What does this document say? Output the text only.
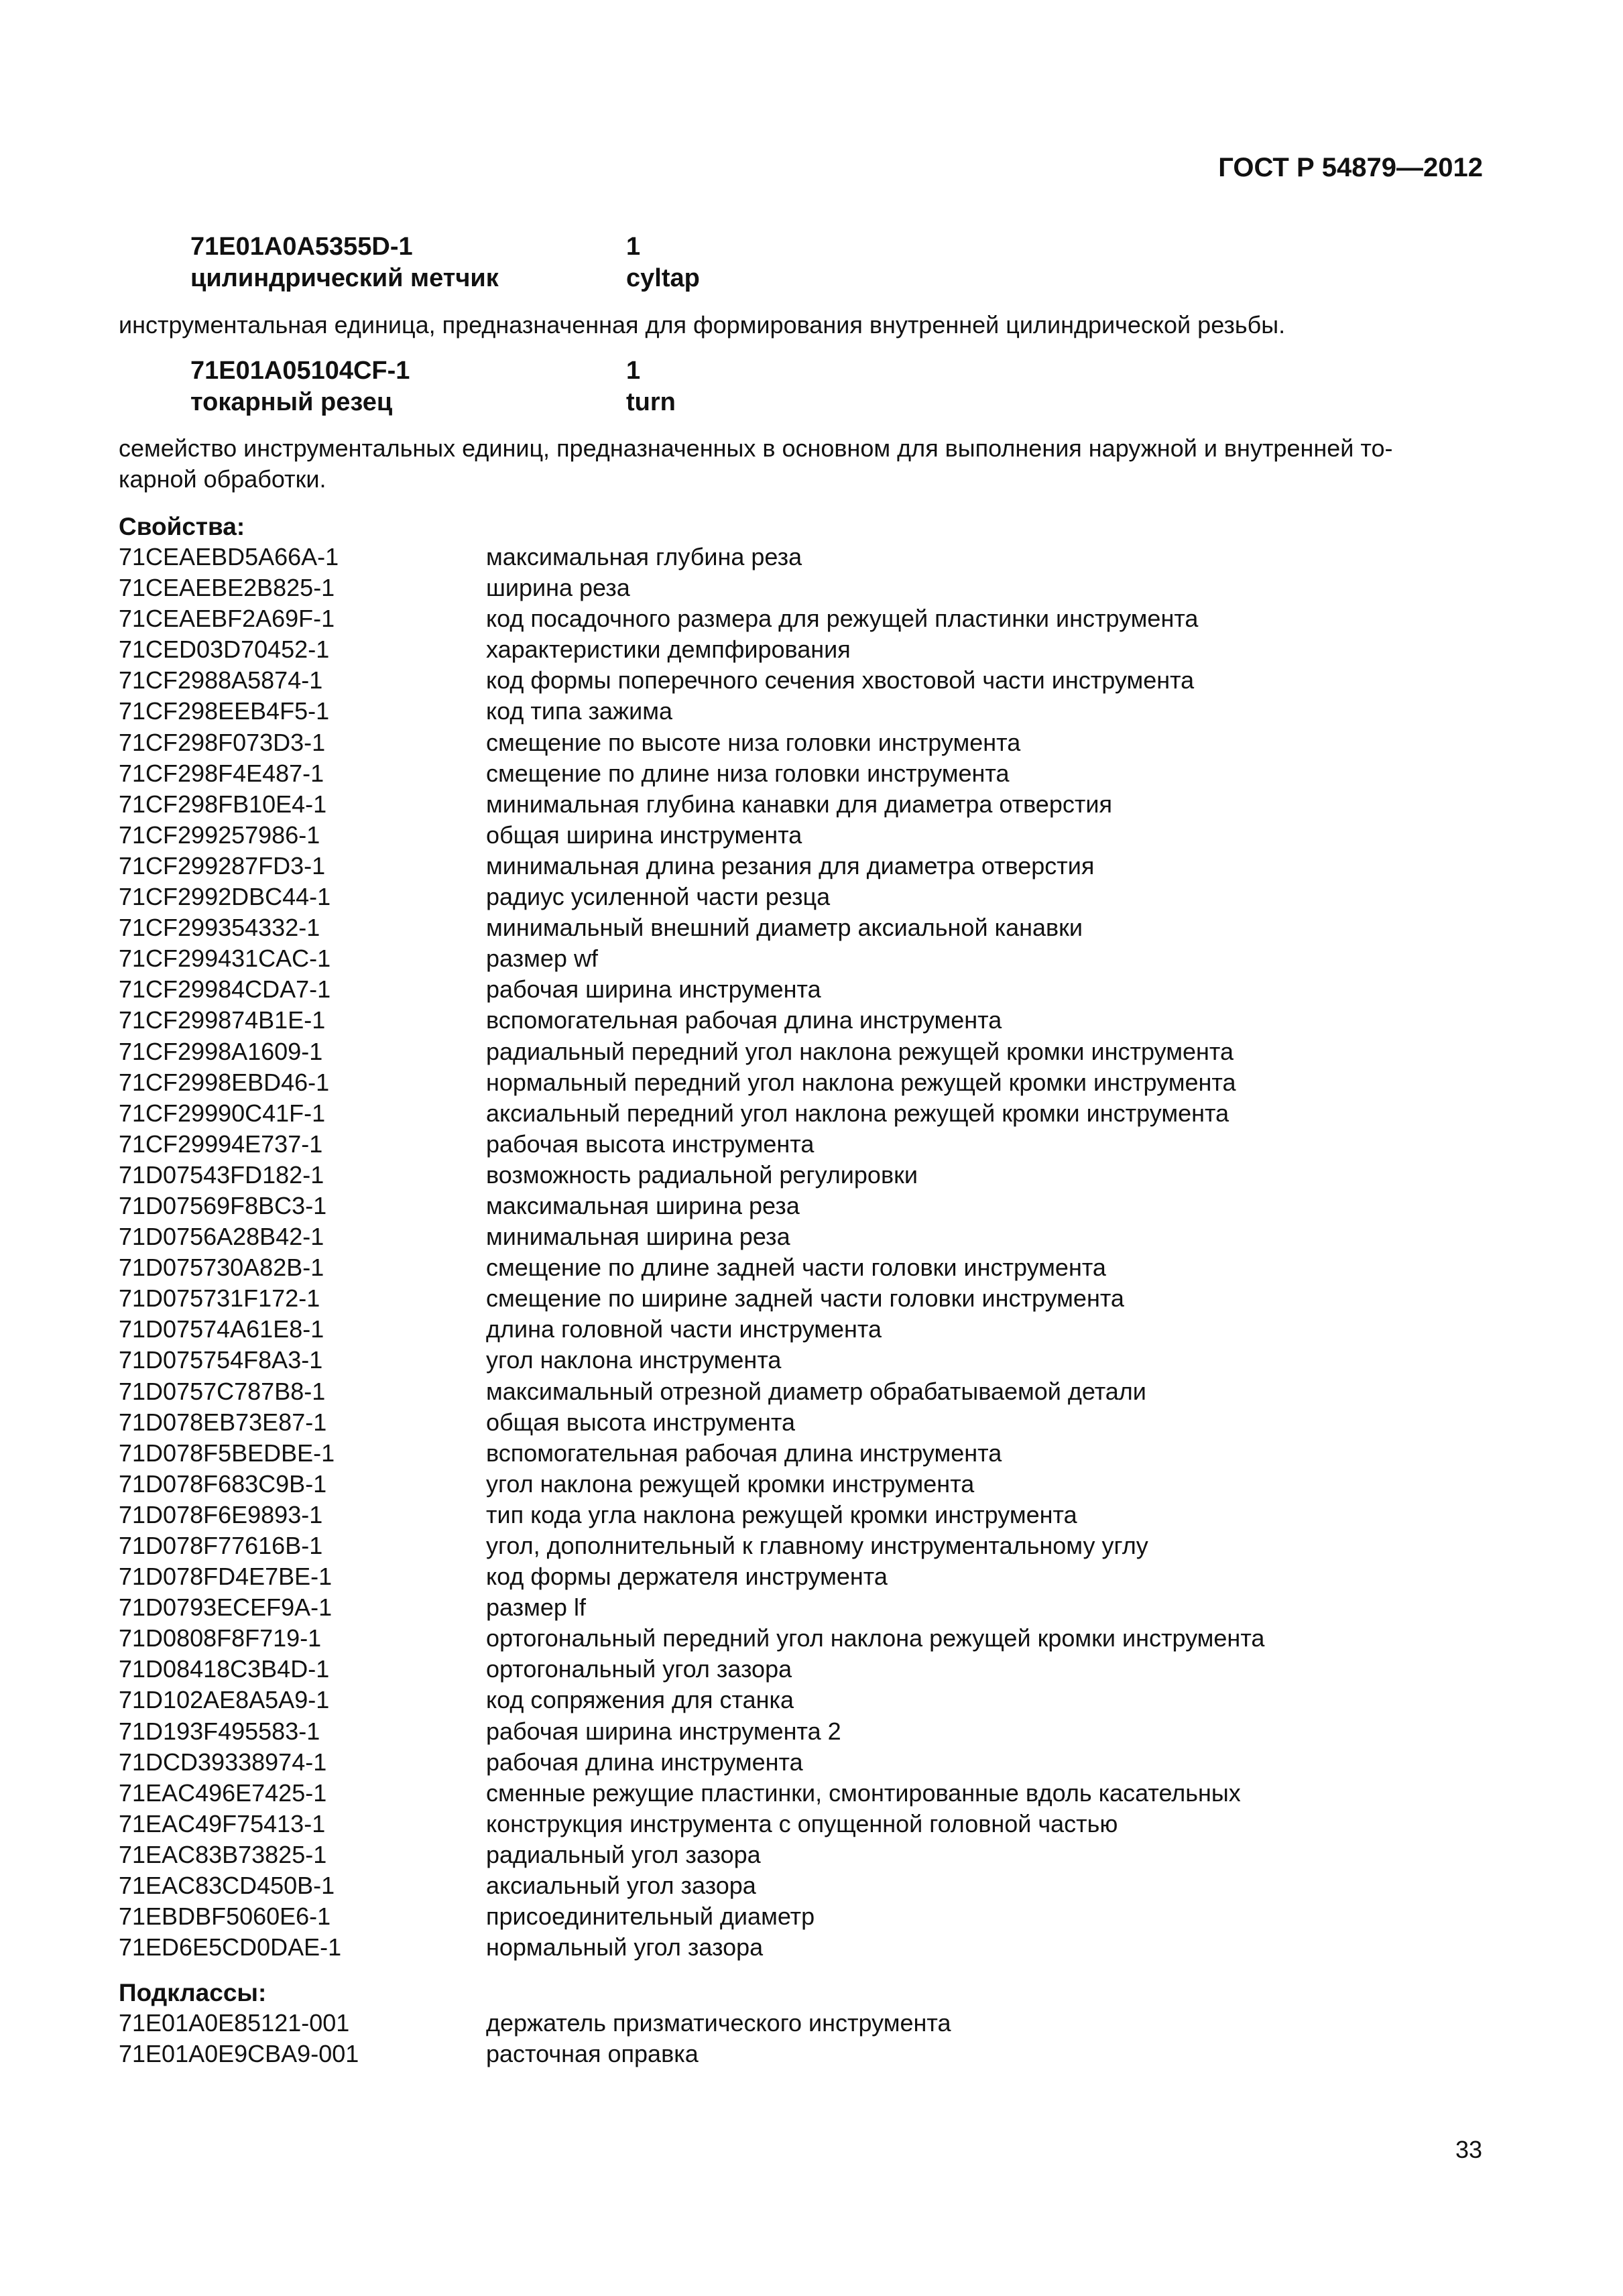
ГОСТ Р 54879—2012
71E01A0A5355D-1	1
цилиндрический метчик	cyltap
инструментальная единица, предназначенная для формирования внутренней цилиндрической резьбы.
71E01A05104CF-1	1
токарный резец	turn
семейство инструментальных единиц, предназначенных в основном для выполнения наружной и внутренней то-
карной обработки.
Свойства:
71CEAEBD5A66A-1	максимальная глубина реза
71CEAEBE2B825-1	ширина реза
71CEAEBF2A69F-1	код посадочного размера для режущей пластинки инструмента
71CED03D70452-1	характеристики демпфирования
71CF2988A5874-1	код формы поперечного сечения хвостовой части инструмента
71CF298EEB4F5-1	код типа зажима
71CF298F073D3-1	смещение по высоте низа головки инструмента
71CF298F4E487-1	смещение по длине низа головки инструмента
71CF298FB10E4-1	минимальная глубина канавки для диаметра отверстия
71CF299257986-1	общая ширина инструмента
71CF299287FD3-1	минимальная длина резания для диаметра отверстия
71CF2992DBC44-1	радиус усиленной части резца
71CF299354332-1	минимальный внешний диаметр аксиальной канавки
71CF299431CAC-1	размер wf
71CF29984CDA7-1	рабочая ширина инструмента
71CF299874B1E-1	вспомогательная рабочая длина инструмента
71CF2998A1609-1	радиальный передний угол наклона режущей кромки инструмента
71CF2998EBD46-1	нормальный передний угол наклона режущей кромки инструмента
71CF29990C41F-1	аксиальный передний угол наклона режущей кромки инструмента
71CF29994E737-1	рабочая высота инструмента
71D07543FD182-1	возможность радиальной регулировки
71D07569F8BC3-1	максимальная ширина реза
71D0756A28B42-1	минимальная ширина реза
71D075730A82B-1	смещение по длине задней части головки инструмента
71D075731F172-1	смещение по ширине задней части головки инструмента
71D07574A61E8-1	длина головной части инструмента
71D075754F8A3-1	угол наклона инструмента
71D0757C787B8-1	максимальный отрезной диаметр обрабатываемой детали
71D078EB73E87-1	общая высота инструмента
71D078F5BEDBE-1	вспомогательная рабочая длина инструмента
71D078F683C9B-1	угол наклона режущей кромки инструмента
71D078F6E9893-1	тип кода угла наклона режущей кромки инструмента
71D078F77616B-1	угол, дополнительный к главному инструментальному углу
71D078FD4E7BE-1	код формы держателя инструмента
71D0793ECEF9A-1	размер lf
71D0808F8F719-1	ортогональный передний угол наклона режущей кромки инструмента
71D08418C3B4D-1	ортогональный угол зазора
71D102AE8A5A9-1	код сопряжения для станка
71D193F495583-1	рабочая ширина инструмента 2
71DCD39338974-1	рабочая длина инструмента
71EAC496E7425-1	сменные режущие пластинки, смонтированные вдоль касательных
71EAC49F75413-1	конструкция инструмента с опущенной головной частью
71EAC83B73825-1	радиальный угол зазора
71EAC83CD450B-1	аксиальный угол зазора
71EBDBF5060E6-1	присоединительный диаметр
71ED6E5CD0DAE-1	нормальный угол зазора
Подклассы:
71E01A0E85121-001	держатель призматического инструмента
71E01A0E9CBA9-001	расточная оправка
33
